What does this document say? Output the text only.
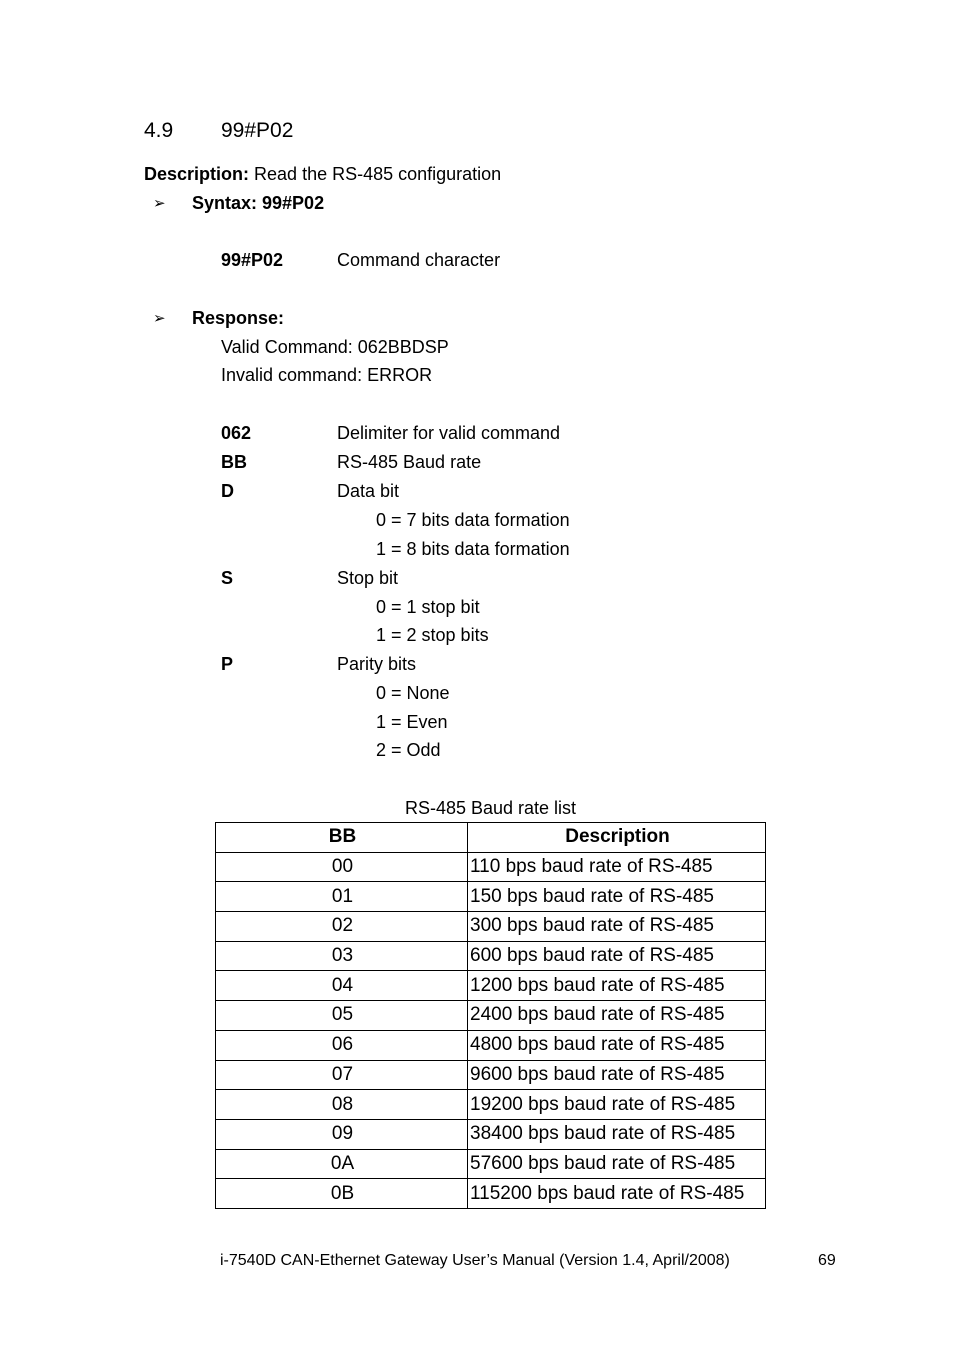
4.9 99#P02
Description: Read the RS-485 configuration
➢ Syntax: 99#P02
99#P02	Command character
➢ Response:
Valid Command: 062BBDSP
Invalid command: ERROR
062	Delimiter for valid command
BB	RS-485 Baud rate
D	Data bit
0 = 7 bits data formation
1 = 8 bits data formation
S	Stop bit
0 = 1 stop bit
1 = 2 stop bits
P	Parity bits
0 = None
1 = Even
2 = Odd
RS-485 Baud rate list
BB	Description
00	110 bps baud rate of RS-485
01	150 bps baud rate of RS-485
02	300 bps baud rate of RS-485
03	600 bps baud rate of RS-485
04	1200 bps baud rate of RS-485
05	2400 bps baud rate of RS-485
06	4800 bps baud rate of RS-485
07	9600 bps baud rate of RS-485
08	19200 bps baud rate of RS-485
09	38400 bps baud rate of RS-485
0A	57600 bps baud rate of RS-485
0B	115200 bps baud rate of RS-485
i-7540D CAN-Ethernet Gateway User’s Manual (Version 1.4, April/2008)	69
